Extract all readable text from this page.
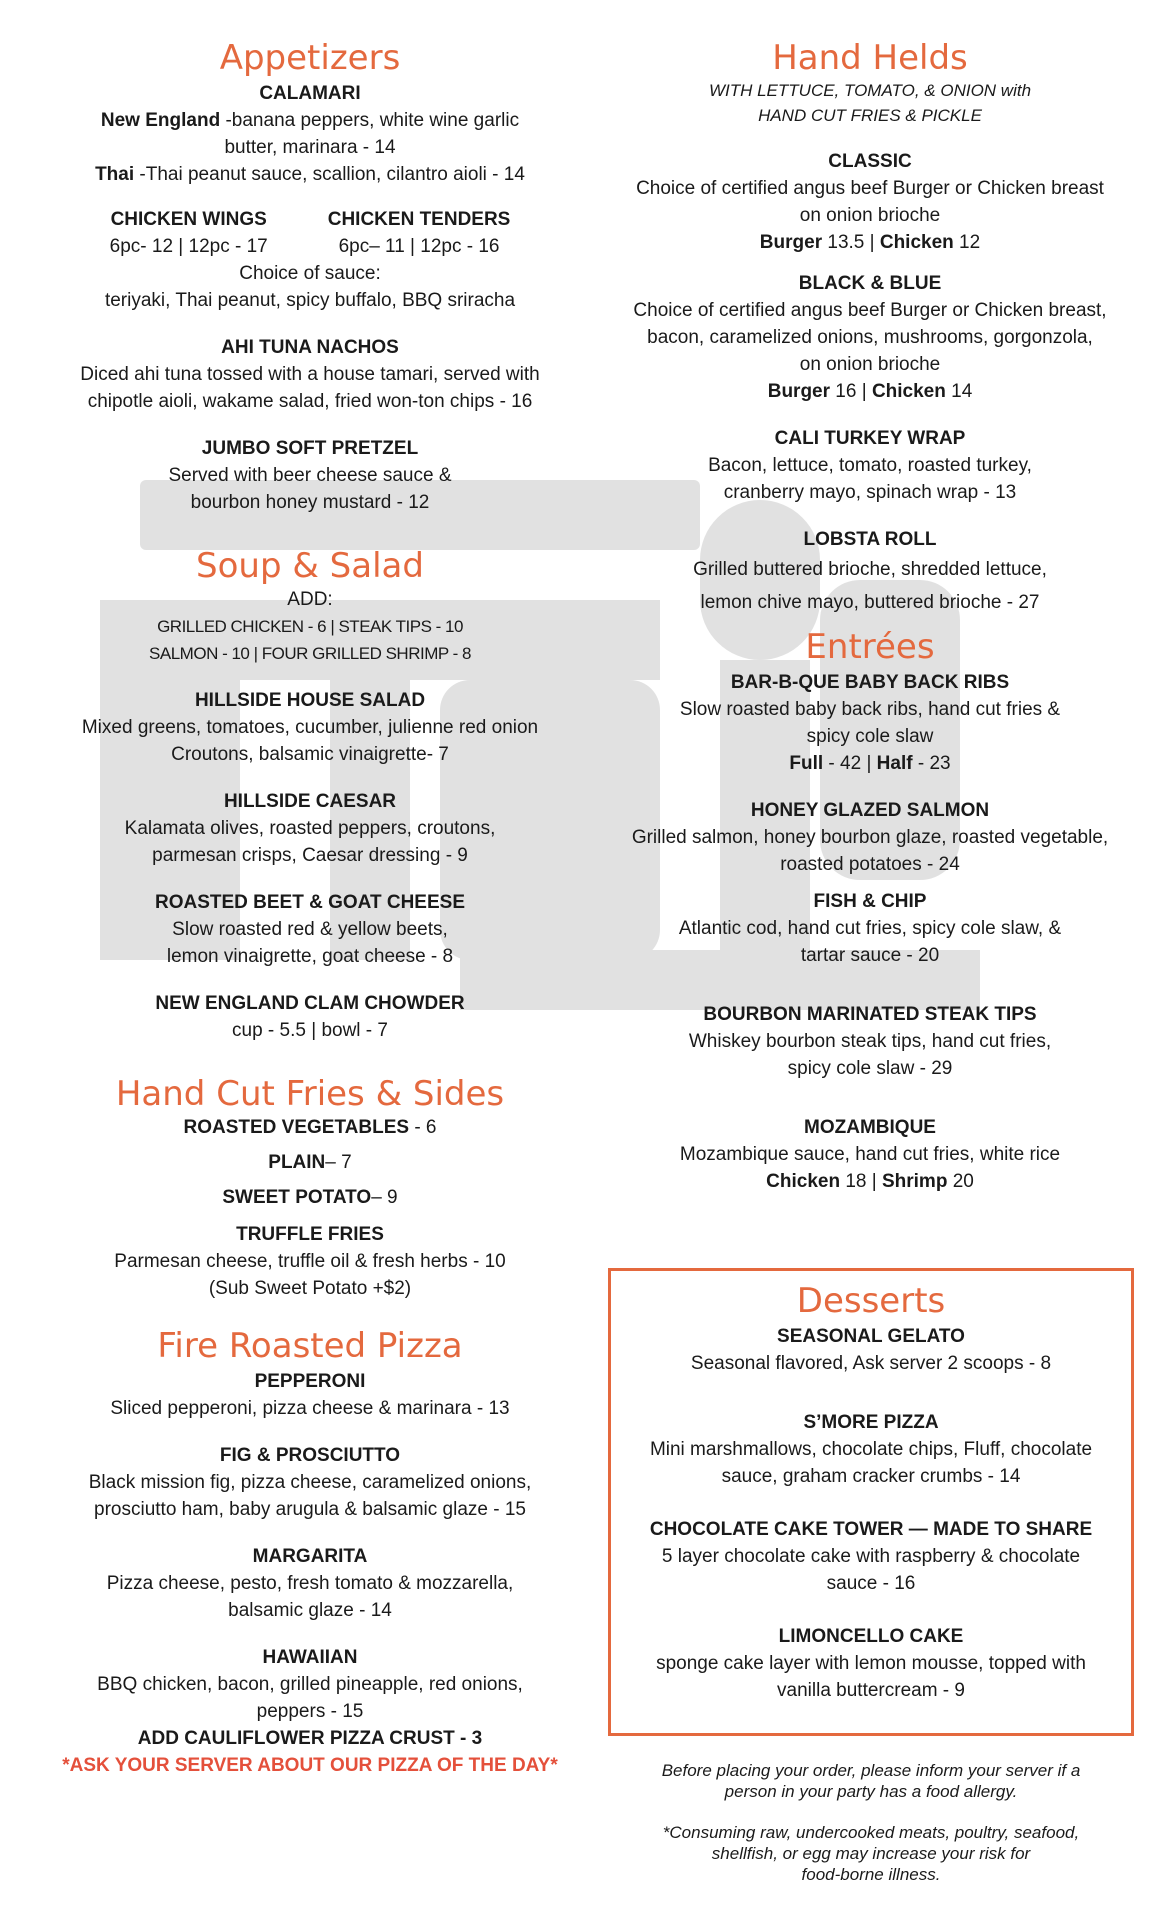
Appetizers
CALAMARI
New England -banana peppers, white wine garlic
butter, marinara - 14
Thai -Thai peanut sauce, scallion, cilantro aioli - 14
CHICKEN WINGS
6pc- 12 | 12pc - 17
CHICKEN TENDERS
6pc– 11 | 12pc - 16
Choice of sauce:
teriyaki, Thai peanut, spicy buffalo, BBQ sriracha
AHI TUNA NACHOS
Diced ahi tuna tossed with a house tamari, served with
chipotle aioli, wakame salad, fried won-ton chips - 16
JUMBO SOFT PRETZEL
Served with beer cheese sauce &
bourbon honey mustard - 12
Soup & Salad
ADD:
GRILLED CHICKEN - 6 | STEAK TIPS - 10
SALMON - 10 | FOUR GRILLED SHRIMP - 8
HILLSIDE HOUSE SALAD
Mixed greens, tomatoes, cucumber, julienne red onion
Croutons, balsamic vinaigrette- 7
HILLSIDE CAESAR
Kalamata olives, roasted peppers, croutons,
parmesan crisps, Caesar dressing - 9
ROASTED BEET & GOAT CHEESE
Slow roasted red & yellow beets,
lemon vinaigrette, goat cheese - 8
NEW ENGLAND CLAM CHOWDER
cup - 5.5 | bowl - 7
Hand Cut Fries & Sides
ROASTED VEGETABLES - 6
PLAIN– 7
SWEET POTATO– 9
TRUFFLE FRIES
Parmesan cheese, truffle oil & fresh herbs - 10
(Sub Sweet Potato +$2)
Fire Roasted Pizza
PEPPERONI
Sliced pepperoni, pizza cheese & marinara - 13
FIG & PROSCIUTTO
Black mission fig, pizza cheese, caramelized onions,
prosciutto ham, baby arugula & balsamic glaze - 15
MARGARITA
Pizza cheese, pesto, fresh tomato & mozzarella,
balsamic glaze - 14
HAWAIIAN
BBQ chicken, bacon, grilled pineapple, red onions,
peppers - 15
ADD CAULIFLOWER PIZZA CRUST - 3
*ASK YOUR SERVER ABOUT OUR PIZZA OF THE DAY*
Hand Helds
WITH LETTUCE, TOMATO, & ONION with
HAND CUT FRIES & PICKLE
CLASSIC
Choice of certified angus beef Burger or Chicken breast
on onion brioche
Burger 13.5 | Chicken 12
BLACK & BLUE
Choice of certified angus beef Burger or Chicken breast,
bacon, caramelized onions, mushrooms, gorgonzola,
on onion brioche
Burger 16 | Chicken 14
CALI TURKEY WRAP
Bacon, lettuce, tomato, roasted turkey,
cranberry mayo, spinach wrap - 13
LOBSTA ROLL
Grilled buttered brioche, shredded lettuce,
lemon chive mayo, buttered brioche - 27
Entrées
BAR-B-QUE BABY BACK RIBS
Slow roasted baby back ribs, hand cut fries &
spicy cole slaw
Full - 42 | Half - 23
HONEY GLAZED SALMON
Grilled salmon, honey bourbon glaze, roasted vegetable,
roasted potatoes - 24
FISH & CHIP
Atlantic cod, hand cut fries, spicy cole slaw, &
tartar sauce - 20
BOURBON MARINATED STEAK TIPS
Whiskey bourbon steak tips, hand cut fries,
spicy cole slaw - 29
MOZAMBIQUE
Mozambique sauce, hand cut fries, white rice
Chicken 18 | Shrimp 20
Desserts
SEASONAL GELATO
Seasonal flavored, Ask server 2 scoops - 8
S’MORE PIZZA
Mini marshmallows, chocolate chips, Fluff, chocolate
sauce, graham cracker crumbs - 14
CHOCOLATE CAKE TOWER — MADE TO SHARE
5 layer chocolate cake with raspberry & chocolate
sauce - 16
LIMONCELLO CAKE
sponge cake layer with lemon mousse, topped with
vanilla buttercream - 9
Before placing your order, please inform your server if a
person in your party has a food allergy.
*Consuming raw, undercooked meats, poultry, seafood,
shellfish, or egg may increase your risk for
food-borne illness.
